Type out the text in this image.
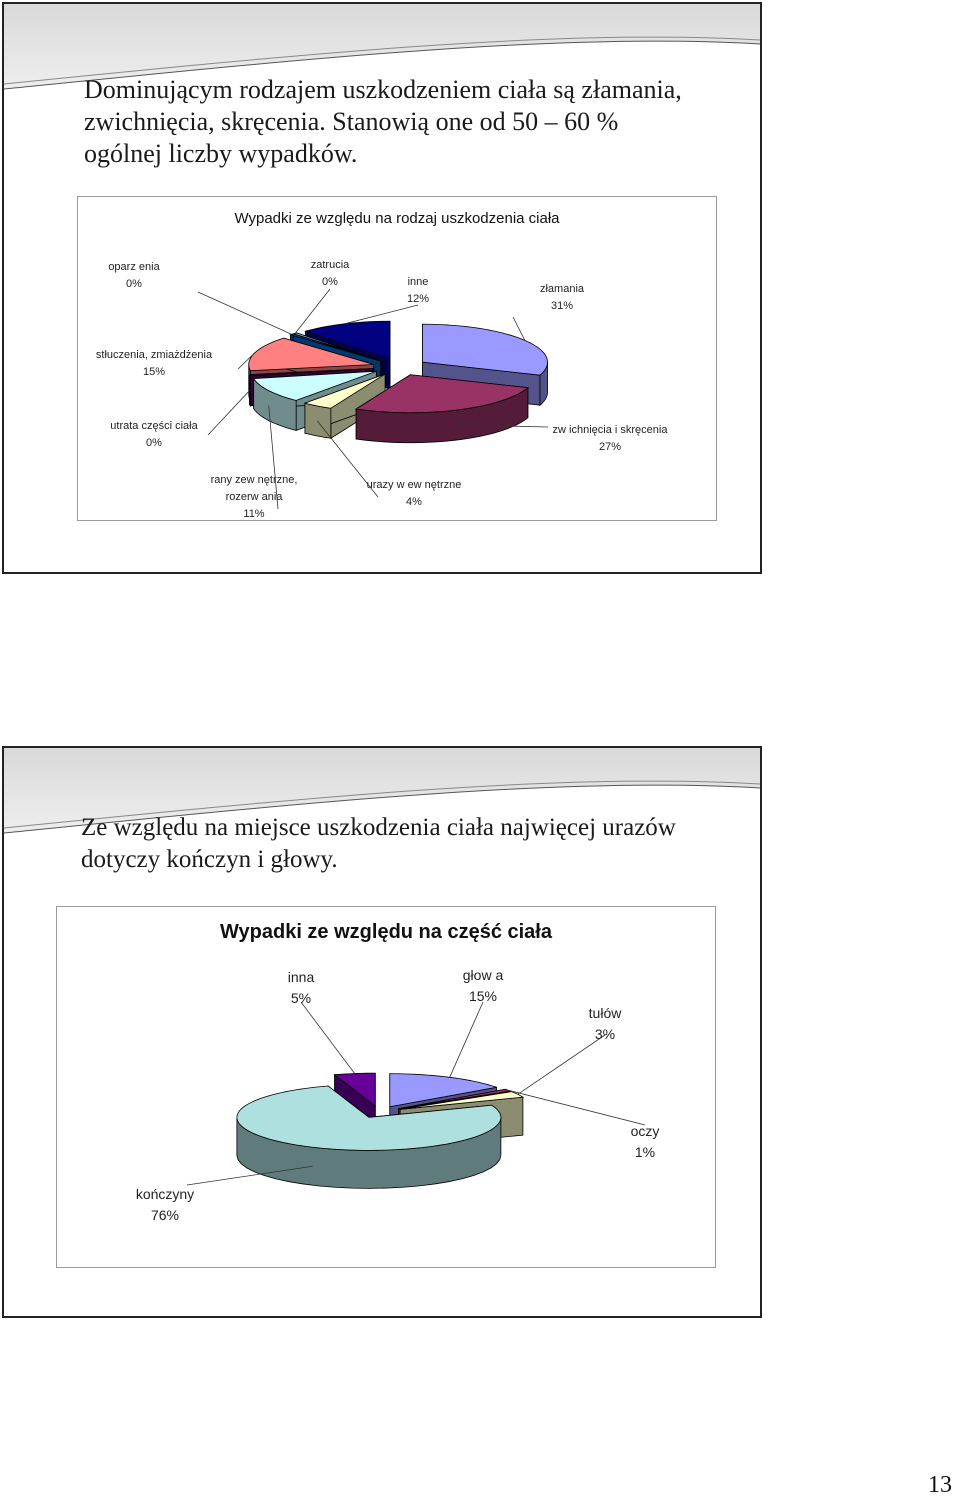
Dominującym rodzajem uszkodzeniem ciała są złamania,
zwichnięcia, skręcenia. Stanowią one od 50 – 60 %
ogólnej liczby wypadków.
Wypadki ze względu na rodzaj uszkodzenia ciała
złamania
31%
zw ichnięcia i skręcenia
27%
urazy w ew nętrzne
4%
rany zew nętrzne,
rozerw ania
11%
utrata części ciała
0%
stłuczenia, zmiażdżenia
15%
oparz enia
0%
zatrucia
0%	inne
12%
Ze względu na miejsce uszkodzenia ciała najwięcej urazów
dotyczy kończyn i głowy.
Wypadki ze względu na część ciała
głow a
15%
oczy
1%
tułów
3%
kończyny
76%
inna
5%
13
